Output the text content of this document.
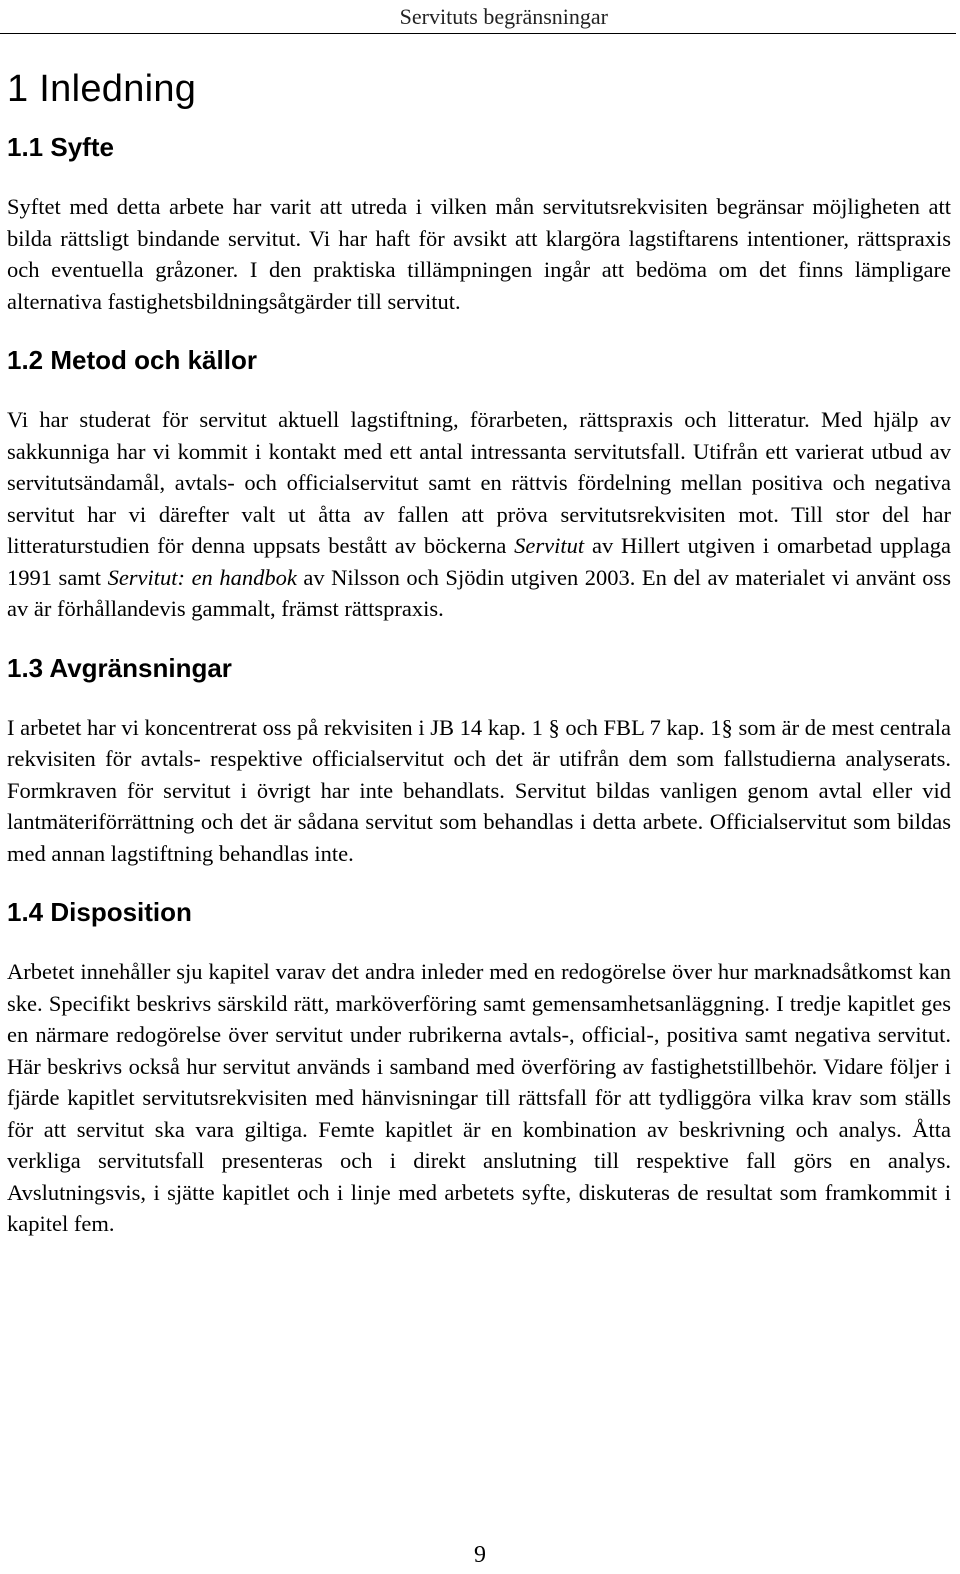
Servituts begränsningar
1 Inledning
1.1 Syfte

Syftet med detta arbete har varit att utreda i vilken mån servitutsrekvisiten begränsar möjligheten att bilda rättsligt bindande servitut. Vi har haft för avsikt att klargöra lagstiftarens intentioner, rättspraxis och eventuella gråzoner. I den praktiska tillämpningen ingår att bedöma om det finns lämpligare alternativa fastighetsbildningsåtgärder till servitut.

1.2 Metod och källor

Vi har studerat för servitut aktuell lagstiftning, förarbeten, rättspraxis och litteratur. Med hjälp av sakkunniga har vi kommit i kontakt med ett antal intressanta servitutsfall. Utifrån ett varierat utbud av servitutsändamål, avtals- och officialservitut samt en rättvis fördelning mellan positiva och negativa servitut har vi därefter valt ut åtta av fallen att pröva servitutsrekvisiten mot. Till stor del har litteraturstudien för denna uppsats bestått av böckerna Servitut av Hillert utgiven i omarbetad upplaga 1991 samt Servitut: en handbok av Nilsson och Sjödin utgiven 2003. En del av materialet vi använt oss av är förhållandevis gammalt, främst rättspraxis.

1.3 Avgränsningar

I arbetet har vi koncentrerat oss på rekvisiten i JB 14 kap. 1 § och FBL 7 kap. 1§ som är de mest centrala rekvisiten för avtals- respektive officialservitut och det är utifrån dem som fallstudierna analyserats. Formkraven för servitut i övrigt har inte behandlats. Servitut bildas vanligen genom avtal eller vid lantmäteriförrättning och det är sådana servitut som behandlas i detta arbete. Officialservitut som bildas med annan lagstiftning behandlas inte.

1.4 Disposition

Arbetet innehåller sju kapitel varav det andra inleder med en redogörelse över hur marknadsåtkomst kan ske. Specifikt beskrivs särskild rätt, marköverföring samt gemensamhetsanläggning. I tredje kapitlet ges en närmare redogörelse över servitut under rubrikerna avtals-, official-, positiva samt negativa servitut. Här beskrivs också hur servitut används i samband med överföring av fastighetstillbehör. Vidare följer i fjärde kapitlet servitutsrekvisiten med hänvisningar till rättsfall för att tydliggöra vilka krav som ställs för att servitut ska vara giltiga. Femte kapitlet är en kombination av beskrivning och analys. Åtta verkliga servitutsfall presenteras och i direkt anslutning till respektive fall görs en analys. Avslutningsvis, i sjätte kapitlet och i linje med arbetets syfte, diskuteras de resultat som framkommit i kapitel fem.

9
